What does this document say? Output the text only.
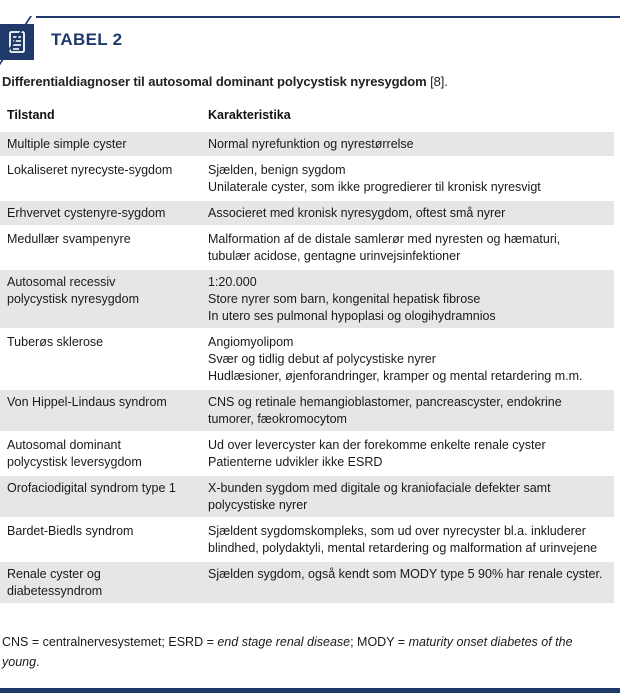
TABEL 2
Differentialdiagnoser til autosomal dominant polycystisk nyresygdom [8].
Tilstand	Karakteristika

Multiple simple cyster	Normal nyrefunktion og nyrestørrelse

Lokaliseret nyrecyste-sygdom	Sjælden, benign sygdom
Unilaterale cyster, som ikke progredierer til kronisk nyresvigt

Erhvervet cystenyre-sygdom	Associeret med kronisk nyresygdom, oftest små nyrer

Medullær svampenyre	Malformation af de distale samlerør med nyresten og hæmaturi,
tubulær acidose, gentagne urinvejsinfektioner

Autosomal recessiv
polycystisk nyresygdom	1:20.000
Store nyrer som barn, kongenital hepatisk fibrose
In utero ses pulmonal hypoplasi og ologihydramnios

Tuberøs sklerose	Angiomyolipom
Svær og tidlig debut af polycystiske nyrer
Hudlæsioner, øjenforandringer, kramper og mental retardering m.m.

Von Hippel-Lindaus syndrom	CNS og retinale hemangioblastomer, pancreascyster, endokrine
tumorer, fæokromocytom

Autosomal dominant
polycystisk leversygdom	Ud over levercyster kan der forekomme enkelte renale cyster
Patienterne udvikler ikke ESRD

Orofaciodigital syndrom type 1	X-bunden sygdom med digitale og kraniofaciale defekter samt
polycystiske nyrer

Bardet-Biedls syndrom	Sjældent sygdomskompleks, som ud over nyrecyster bl.a. inkluderer
blindhed, polydaktyli, mental retardering og malformation af urinvejene

Renale cyster og
diabetessyndrom	Sjælden sygdom, også kendt som MODY type 5 90% har renale cyster.
CNS = centralnervesystemet; ESRD = end stage renal disease; MODY = maturity onset diabetes of the young.
